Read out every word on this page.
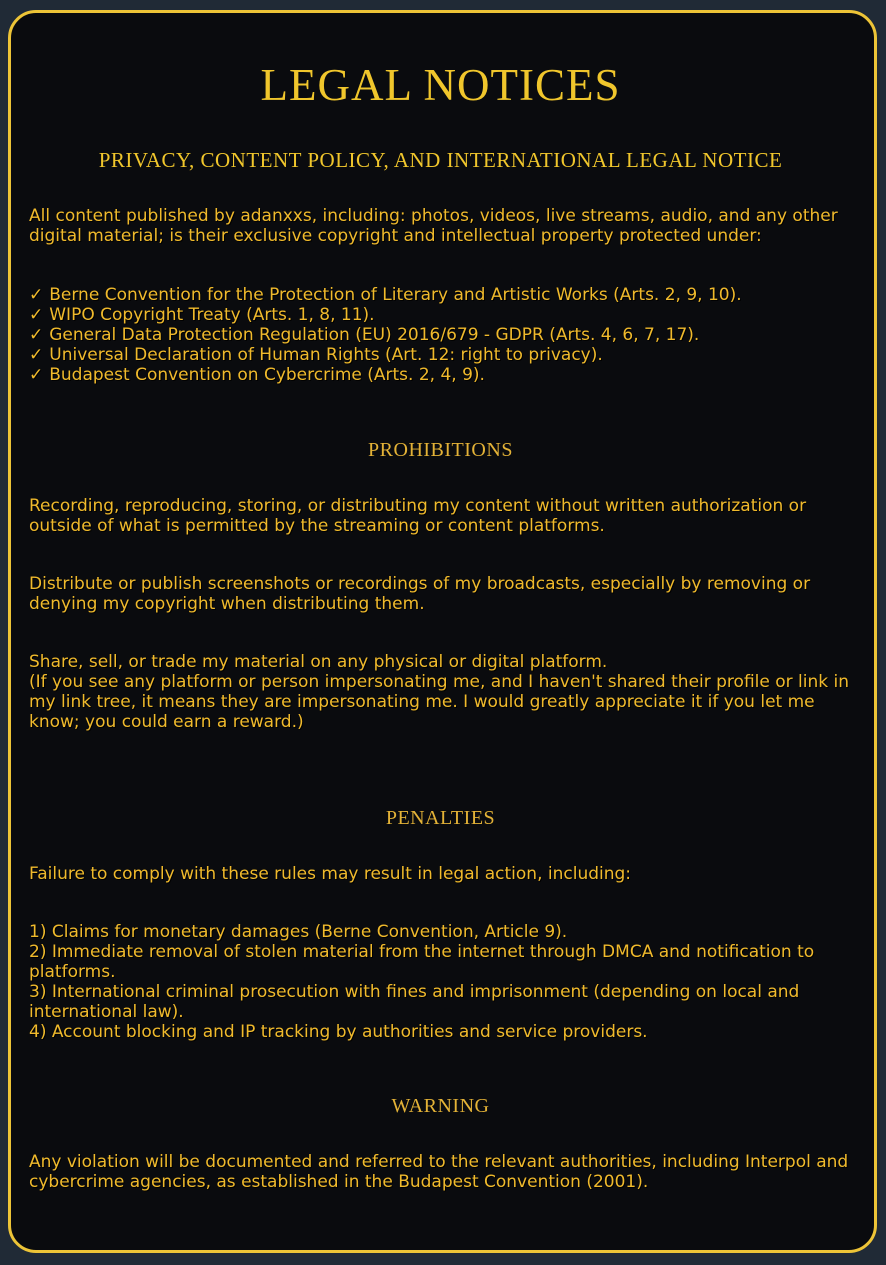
LEGAL NOTICES
PRIVACY, CONTENT POLICY, AND INTERNATIONAL LEGAL NOTICE

All content published by adanxxs, including: photos, videos, live streams, audio, and any other digital material; is their exclusive copyright and intellectual property protected under:

✓ Berne Convention for the Protection of Literary and Artistic Works (Arts. 2, 9, 10).
✓ WIPO Copyright Treaty (Arts. 1, 8, 11).
✓ General Data Protection Regulation (EU) 2016/679 - GDPR (Arts. 4, 6, 7, 17).
✓ Universal Declaration of Human Rights (Art. 12: right to privacy).
✓ Budapest Convention on Cybercrime (Arts. 2, 4, 9).
PROHIBITIONS

Recording, reproducing, storing, or distributing my content without written authorization or outside of what is permitted by the streaming or content platforms.

Distribute or publish screenshots or recordings of my broadcasts, especially by removing or denying my copyright when distributing them.

Share, sell, or trade my material on any physical or digital platform.
(If you see any platform or person impersonating me, and I haven't shared their profile or link in my link tree, it means they are impersonating me. I would greatly appreciate it if you let me know; you could earn a reward.)

PENALTIES

Failure to comply with these rules may result in legal action, including:

1) Claims for monetary damages (Berne Convention, Article 9).
2) Immediate removal of stolen material from the internet through DMCA and notification to platforms.
3) International criminal prosecution with fines and imprisonment (depending on local and international law).
4) Account blocking and IP tracking by authorities and service providers.
WARNING

Any violation will be documented and referred to the relevant authorities, including Interpol and cybercrime agencies, as established in the Budapest Convention (2001).
